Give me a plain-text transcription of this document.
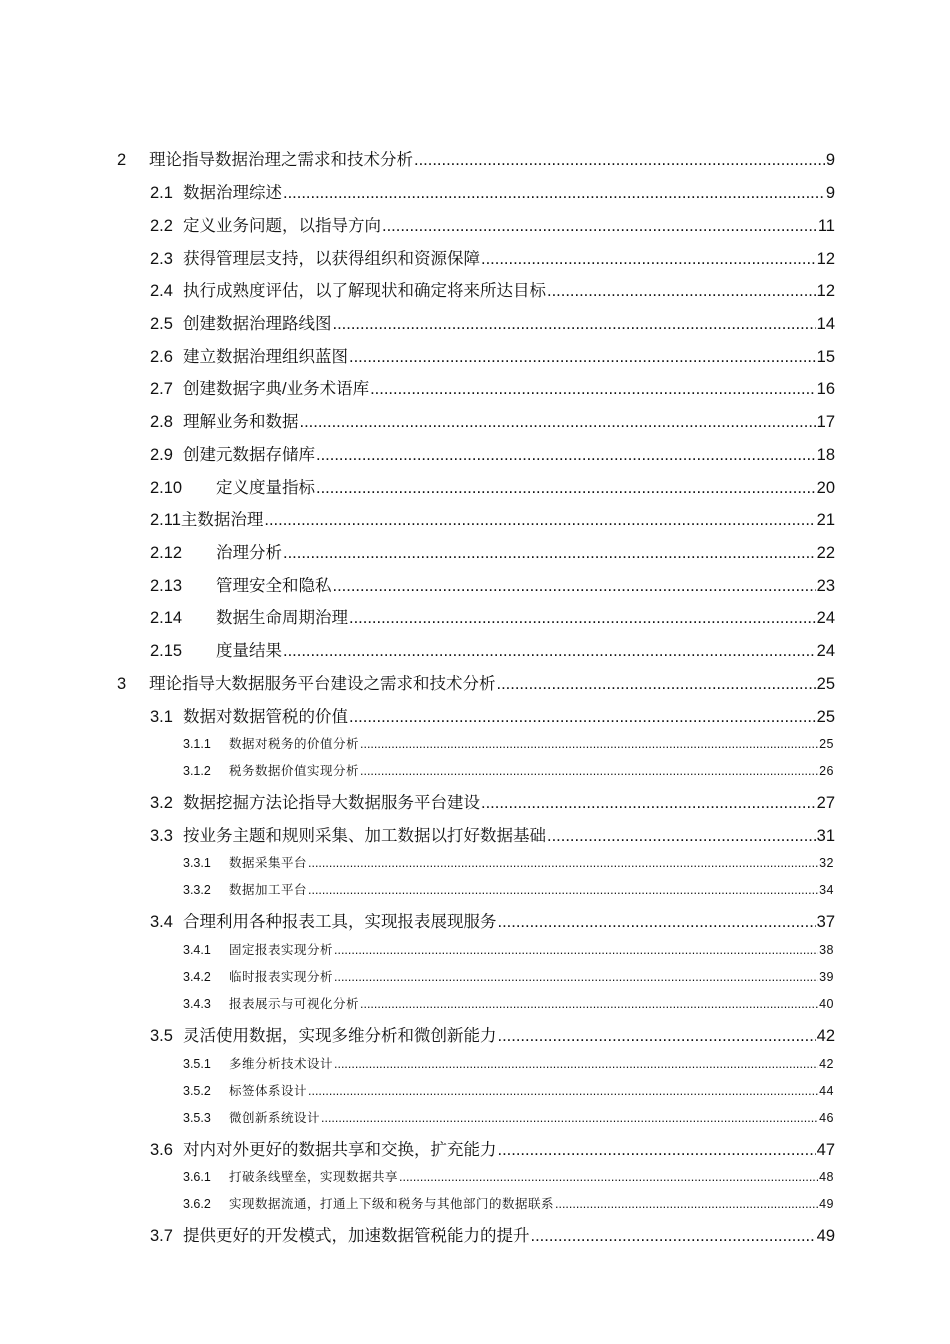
2	理论指导数据治理之需求和技术分析 .....	9
2.1 数据治理综述 .....	9
2.2 定义业务问题，以指导方向 .....	11
2.3 获得管理层支持，以获得组织和资源保障 .....	12
2.4 执行成熟度评估，以了解现状和确定将来所达目标 .....	12
2.5 创建数据治理路线图 .....	14
2.6 建立数据治理组织蓝图 .....	15
2.7 创建数据字典/业务术语库 .....	16
2.8 理解业务和数据 .....	17
2.9 创建元数据存储库 .....	18
2.10	定义度量指标 .....	20
2.11 主数据治理 .....	21
2.12	治理分析 .....	22
2.13	管理安全和隐私 .....	23
2.14	数据生命周期治理 .....	24
2.15	度量结果 .....	24
3	理论指导大数据服务平台建设之需求和技术分析 .....	25
3.1 数据对数据管税的价值 .....	25
3.1.1	数据对税务的价值分析 .....	25
3.1.2	税务数据价值实现分析 .....	26
3.2 数据挖掘方法论指导大数据服务平台建设 .....	27
3.3 按业务主题和规则采集、加工数据以打好数据基础 .....	31
3.3.1	数据采集平台 .....	32
3.3.2	数据加工平台 .....	34
3.4 合理利用各种报表工具，实现报表展现服务 .....	37
3.4.1	固定报表实现分析 .....	38
3.4.2	临时报表实现分析 .....	39
3.4.3	报表展示与可视化分析 .....	40
3.5 灵活使用数据，实现多维分析和微创新能力 .....	42
3.5.1	多维分析技术设计 .....	42
3.5.2	标签体系设计 .....	44
3.5.3	微创新系统设计 .....	46
3.6 对内对外更好的数据共享和交换，扩充能力 .....	47
3.6.1	打破条线壁垒，实现数据共享 .....	48
3.6.2	实现数据流通，打通上下级和税务与其他部门的数据联系 .....	49
3.7 提供更好的开发模式，加速数据管税能力的提升 .....	49
